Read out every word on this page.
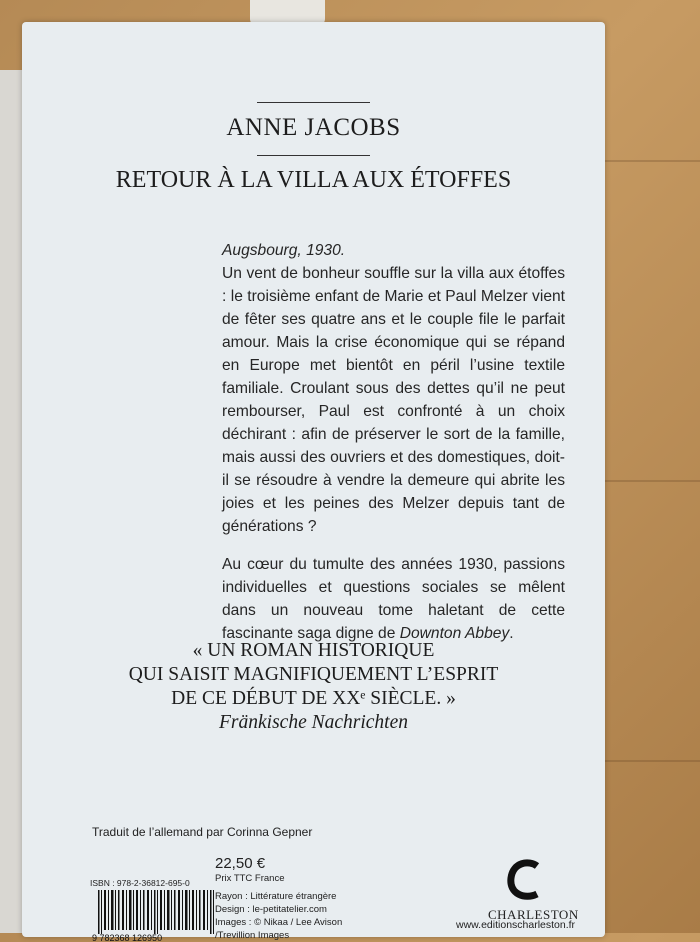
ANNE JACOBS
RETOUR À LA VILLA AUX ÉTOFFES

Augsbourg, 1930.
Un vent de bonheur souffle sur la villa aux étoffes : le troisième enfant de Marie et Paul Melzer vient de fêter ses quatre ans et le couple file le parfait amour. Mais la crise économique qui se répand en Europe met bientôt en péril l’usine textile familiale. Croulant sous des dettes qu’il ne peut rembourser, Paul est confronté à un choix déchirant : afin de préserver le sort de la famille, mais aussi des ouvriers et des domestiques, doit-il se résoudre à vendre la demeure qui abrite les joies et les peines des Melzer depuis tant de générations ?

Au cœur du tumulte des années 1930, passions individuelles et questions sociales se mêlent dans un nouveau tome haletant de cette fascinante saga digne de Downton Abbey.

« UN ROMAN HISTORIQUE
QUI SAISIT MAGNIFIQUEMENT L’ESPRIT
DE CE DÉBUT DE XXᵉ SIÈCLE. »
Fränkische Nachrichten
Traduit de l’allemand par Corinna Gepner
22,50 €
Prix TTC France
ISBN : 978-2-36812-695-0
9 782368 126950
Rayon : Littérature étrangère
Design : le-petitatelier.com
Images : © Nikaa / Lee Avison
/Trevillion Images
C
CHARLESTON
www.editionscharleston.fr
